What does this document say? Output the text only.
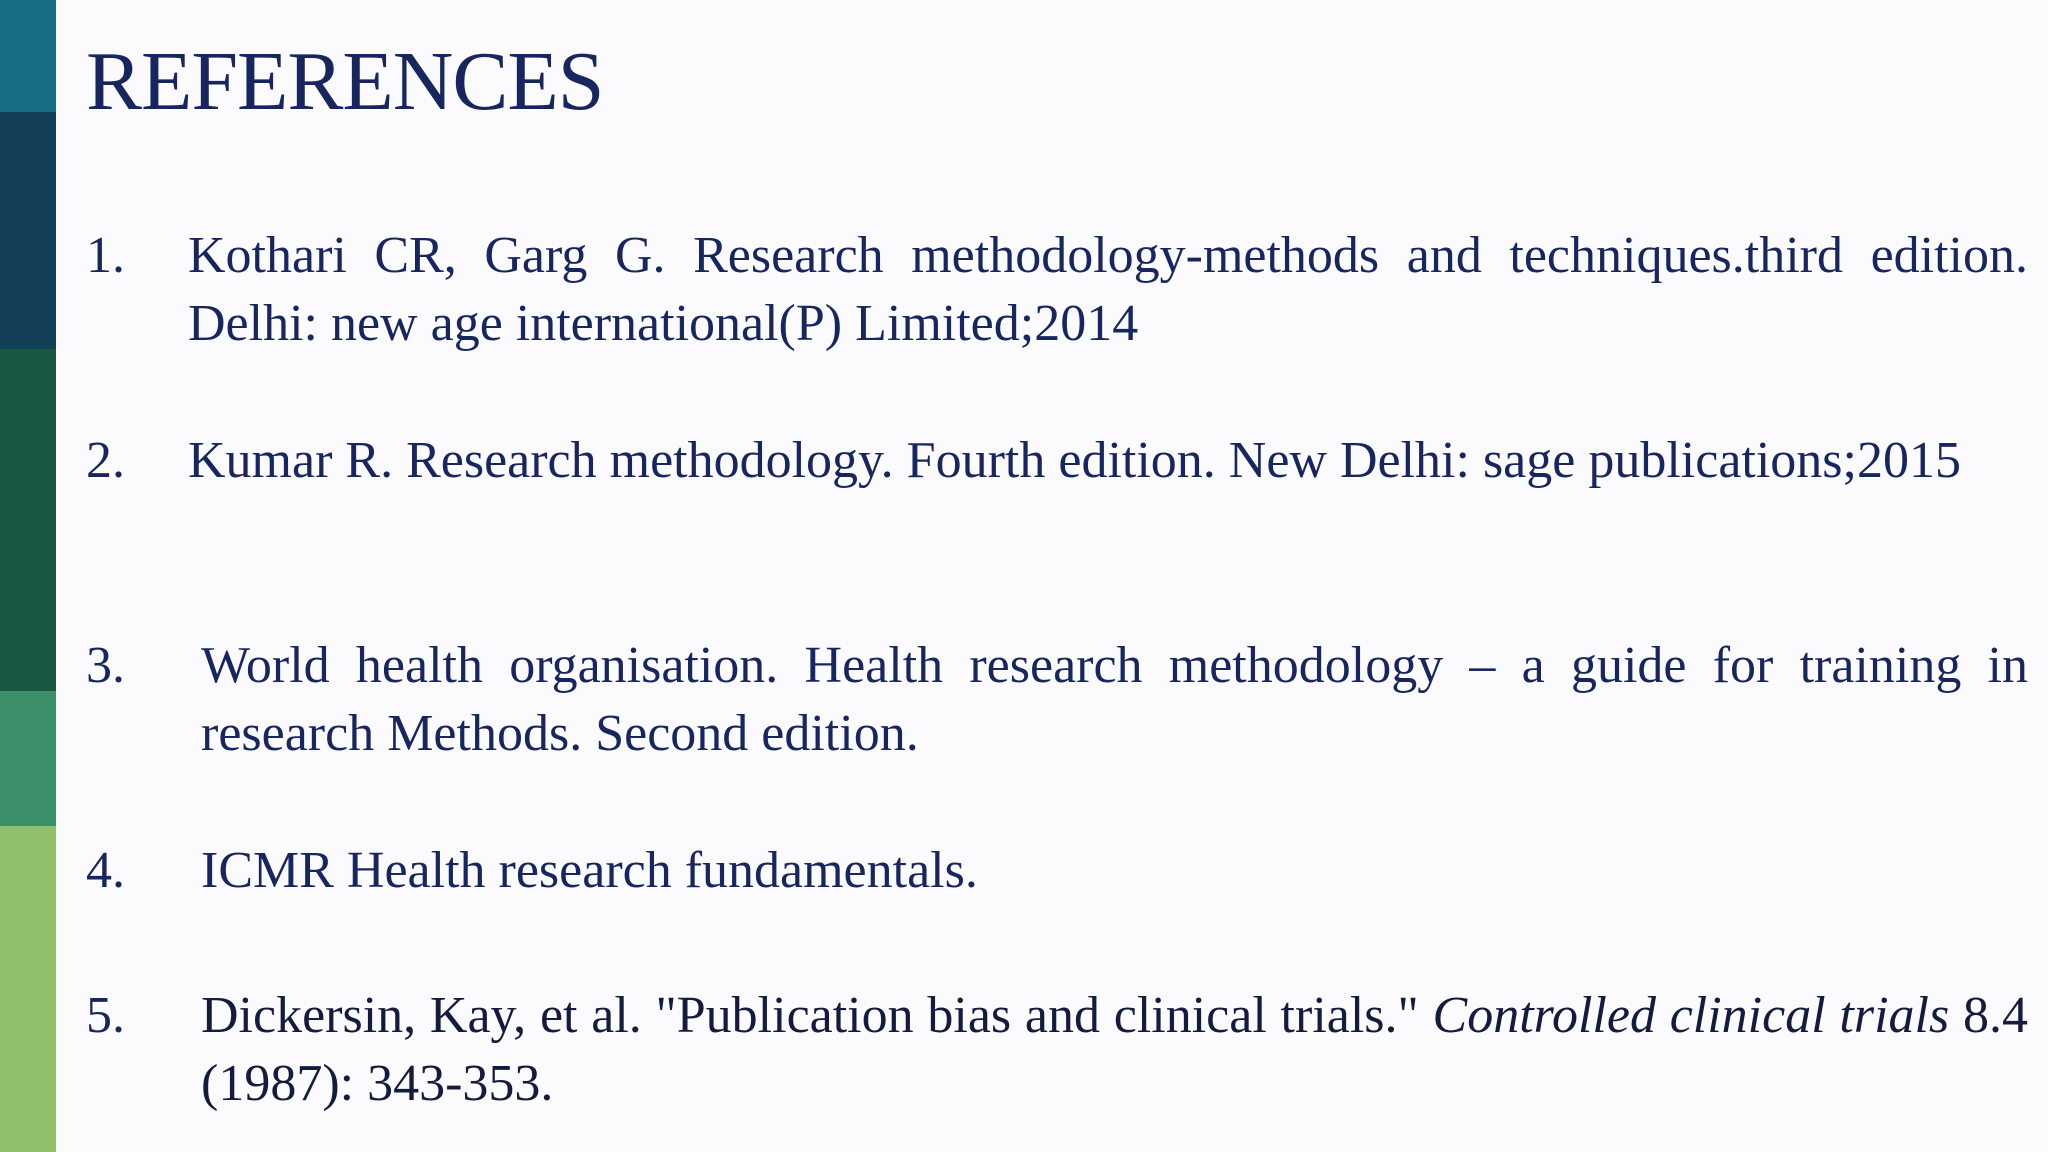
REFERENCES
1. Kothari CR, Garg G. Research methodology-methods and techniques.third edition. Delhi: new age international(P) Limited;2014
2. Kumar R. Research methodology. Fourth edition. New Delhi: sage publications;2015
3. World health organisation. Health research methodology – a guide for training in research Methods. Second edition.
4. ICMR Health research fundamentals.
5. Dickersin, Kay, et al. "Publication bias and clinical trials." Controlled clinical trials 8.4 (1987): 343-353.
